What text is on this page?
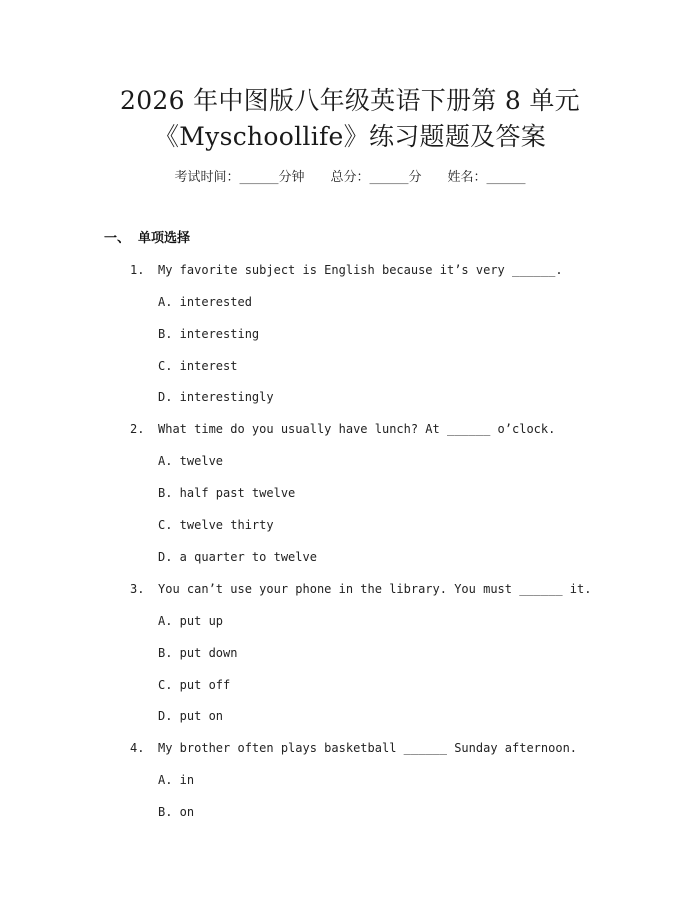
2026 年中图版八年级英语下册第 8 单元
《Myschoollife》练习题题及答案
考试时间：______分钟 总分：______分 姓名：______
一、 单项选择
1. My favorite subject is English because it’s very ______.
A. interested
B. interesting
C. interest
D. interestingly
2. What time do you usually have lunch? At ______ o’clock.
A. twelve
B. half past twelve
C. twelve thirty
D. a quarter to twelve
3. You can’t use your phone in the library. You must ______ it.
A. put up
B. put down
C. put off
D. put on
4. My brother often plays basketball ______ Sunday afternoon.
A. in
B. on
